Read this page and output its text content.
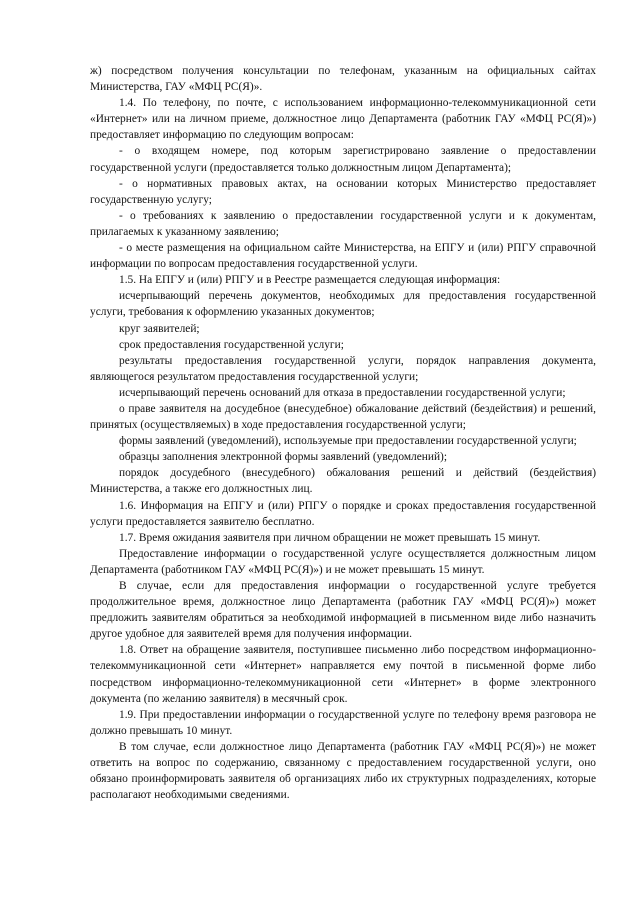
ж) посредством получения консультации по телефонам, указанным на официальных сайтах Министерства, ГАУ «МФЦ РС(Я)».

1.4. По телефону, по почте, с использованием информационно-телекоммуникационной сети «Интернет» или на личном приеме, должностное лицо Департамента (работник ГАУ «МФЦ РС(Я)») предоставляет информацию по следующим вопросам:

- о входящем номере, под которым зарегистрировано заявление о предоставлении государственной услуги (предоставляется только должностным лицом Департамента);

- о нормативных правовых актах, на основании которых Министерство предоставляет государственную услугу;

- о требованиях к заявлению о предоставлении государственной услуги и к документам, прилагаемых к указанному заявлению;

- о месте размещения на официальном сайте Министерства, на ЕПГУ и (или) РПГУ справочной информации по вопросам предоставления государственной услуги.

1.5. На ЕПГУ и (или) РПГУ и в Реестре размещается следующая информация:

исчерпывающий перечень документов, необходимых для предоставления государственной услуги, требования к оформлению указанных документов;

круг заявителей;

срок предоставления государственной услуги;

результаты предоставления государственной услуги, порядок направления документа, являющегося результатом предоставления государственной услуги;

исчерпывающий перечень оснований для отказа в предоставлении государственной услуги;

о праве заявителя на досудебное (внесудебное) обжалование действий (бездействия) и решений, принятых (осуществляемых) в ходе предоставления государственной услуги;

формы заявлений (уведомлений), используемые при предоставлении государственной услуги;

образцы заполнения электронной формы заявлений (уведомлений);

порядок досудебного (внесудебного) обжалования решений и действий (бездействия) Министерства, а также его должностных лиц.

1.6. Информация на ЕПГУ и (или) РПГУ о порядке и сроках предоставления государственной услуги предоставляется заявителю бесплатно.

1.7. Время ожидания заявителя при личном обращении не может превышать 15 минут.

Предоставление информации о государственной услуге осуществляется должностным лицом Департамента (работником ГАУ «МФЦ РС(Я)») и не может превышать 15 минут.

В случае, если для предоставления информации о государственной услуге требуется продолжительное время, должностное лицо Департамента (работник ГАУ «МФЦ РС(Я)») может предложить заявителям обратиться за необходимой информацией в письменном виде либо назначить другое удобное для заявителей время для получения информации.

1.8. Ответ на обращение заявителя, поступившее письменно либо посредством информационно-телекоммуникационной сети «Интернет» направляется ему почтой в письменной форме либо посредством информационно-телекоммуникационной сети «Интернет» в форме электронного документа (по желанию заявителя) в месячный срок.

1.9. При предоставлении информации о государственной услуге по телефону время разговора не должно превышать 10 минут.

В том случае, если должностное лицо Департамента (работник ГАУ «МФЦ РС(Я)») не может ответить на вопрос по содержанию, связанному с предоставлением государственной услуги, оно обязано проинформировать заявителя об организациях либо их структурных подразделениях, которые располагают необходимыми сведениями.
